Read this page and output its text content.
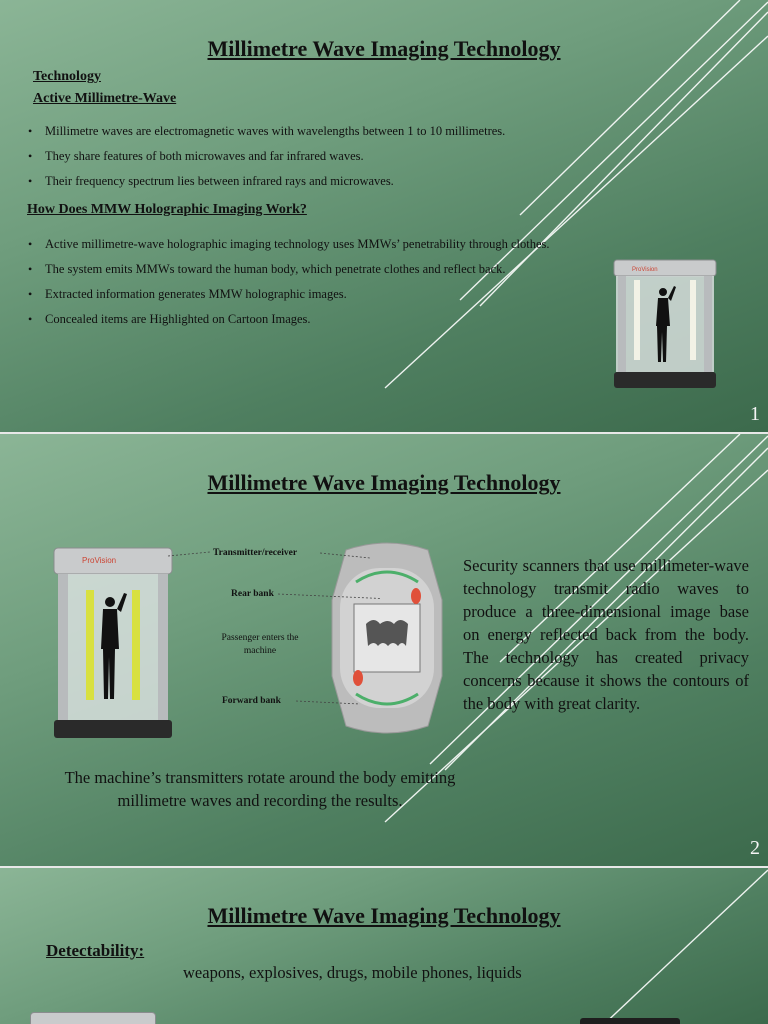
Millimetre Wave Imaging Technology
Technology
Active Millimetre-Wave
• Millimetre waves are electromagnetic waves with wavelengths between 1 to 10 millimetres.
• They share features of both microwaves and far infrared waves.
• Their frequency spectrum lies between infrared rays and microwaves.
How Does MMW Holographic Imaging Work?
• Active millimetre-wave holographic imaging technology uses MMWs’ penetrability through clothes.
• The system emits MMWs toward the human body, which penetrate clothes and reflect back.
• Extracted information generates MMW holographic images.
• Concealed items are Highlighted on Cartoon Images.
ProVision
1
Millimetre Wave Imaging Technology
ProVision
Transmitter/receiver
Rear bank
Passenger enters the machine
Forward bank
Security scanners that use millimeter-wave technology transmit radio waves to produce a three-dimensional image base on energy reflected back from the body. The technology has created privacy concerns because it shows the contours of the body with great clarity.
The machine’s transmitters rotate around the body emitting millimetre waves and recording the results.
2
Millimetre Wave Imaging Technology
Detectability:
weapons, explosives, drugs, mobile phones, liquids
